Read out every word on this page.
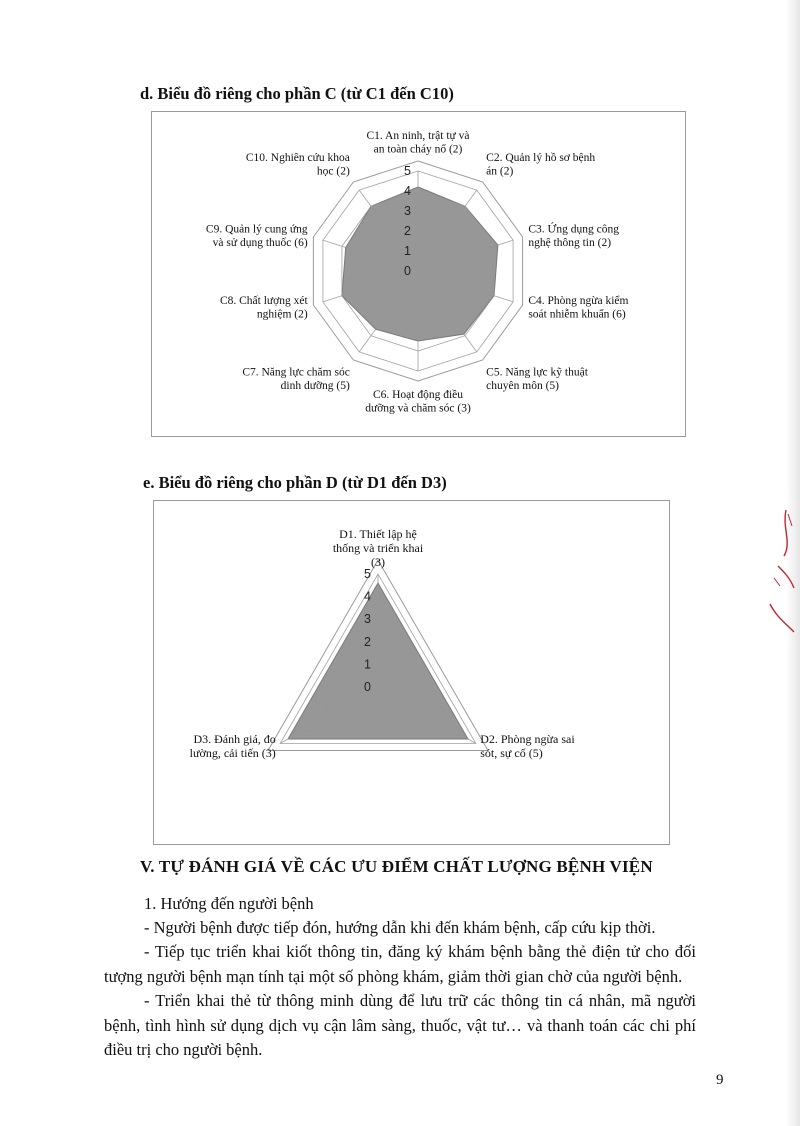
d. Biểu đồ riêng cho phần C (từ C1 đến C10)
0
1
2
3
4
5
C1. An ninh, trật tự và an toàn cháy nổ (2)
C2. Quản lý hồ sơ bệnh án (2)
C3. Ứng dụng công nghệ thông tin (2)
C4. Phòng ngừa kiểm soát nhiễm khuẩn (6)
C5. Năng lực kỹ thuật chuyên môn (5)
C6. Hoạt động điều dưỡng và chăm sóc (3)
C7. Năng lực chăm sóc dinh dưỡng (5)
C8. Chất lượng xét nghiệm (2)
C9. Quản lý cung ứng và sử dụng thuốc (6)
C10. Nghiên cứu khoa học (2)
e. Biểu đồ riêng cho phần D (từ D1 đến D3)
0
1
2
3
4
5
D1. Thiết lập hệ thống và triển khai (3)
D2. Phòng ngừa sai sót, sự cố (5)
D3. Đánh giá, đo lường, cải tiến (3)
V. TỰ ĐÁNH GIÁ VỀ CÁC ƯU ĐIỂM CHẤT LƯỢNG BỆNH VIỆN

1. Hướng đến người bệnh

- Người bệnh được tiếp đón, hướng dẫn khi đến khám bệnh, cấp cứu kịp thời.

- Tiếp tục triển khai kiốt thông tin, đăng ký khám bệnh bằng thẻ điện tử cho đối tượng người bệnh mạn tính tại một số phòng khám, giảm thời gian chờ của người bệnh.

- Triển khai thẻ từ thông minh dùng để lưu trữ các thông tin cá nhân, mã người bệnh, tình hình sử dụng dịch vụ cận lâm sàng, thuốc, vật tư… và thanh toán các chi phí điều trị cho người bệnh.

9
